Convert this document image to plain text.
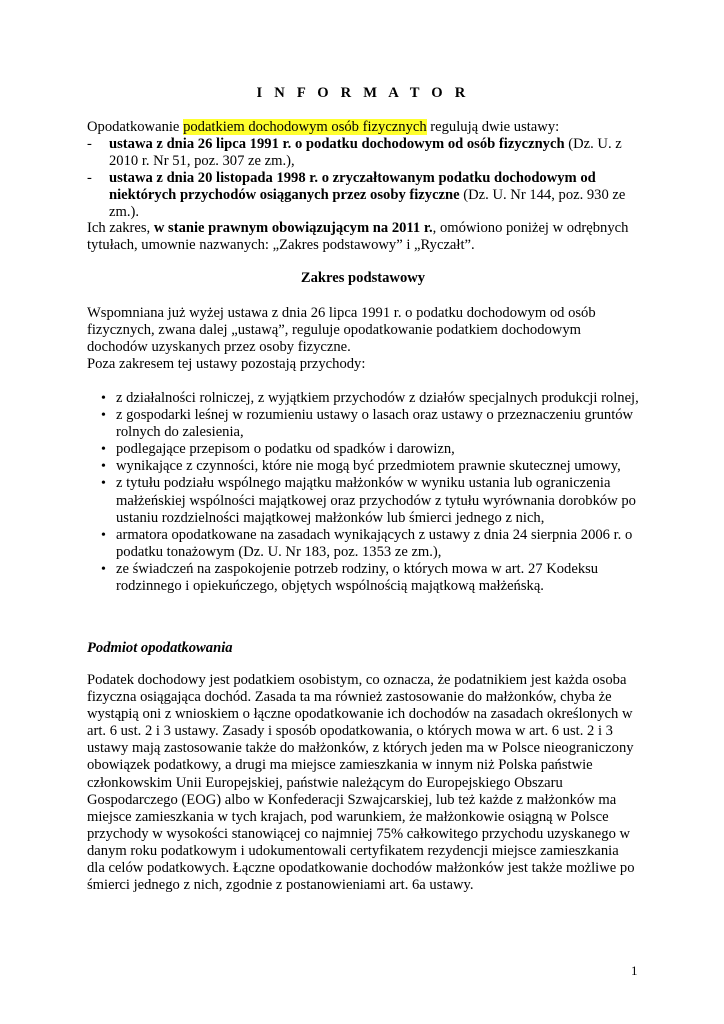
I N F O R M A T O R
Opodatkowanie podatkiem dochodowym osób fizycznych regulują dwie ustawy:
-	ustawa z dnia 26 lipca 1991 r. o podatku dochodowym od osób fizycznych (Dz. U. z 2010 r. Nr 51, poz. 307 ze zm.),
-	ustawa z dnia 20 listopada 1998 r. o zryczałtowanym podatku dochodowym od niektórych przychodów osiąganych przez osoby fizyczne (Dz. U. Nr 144, poz. 930 ze zm.).
Ich zakres, w stanie prawnym obowiązującym na 2011 r., omówiono poniżej w odrębnych tytułach, umownie nazwanych: „Zakres podstawowy” i „Ryczałt”.
Zakres podstawowy
Wspomniana już wyżej ustawa z dnia 26 lipca 1991 r. o podatku dochodowym od osób fizycznych, zwana dalej „ustawą”, reguluje opodatkowanie podatkiem dochodowym dochodów uzyskanych przez osoby fizyczne.
Poza zakresem tej ustawy pozostają przychody:
• z działalności rolniczej, z wyjątkiem przychodów z działów specjalnych produkcji rolnej,
• z gospodarki leśnej w rozumieniu ustawy o lasach oraz ustawy o przeznaczeniu gruntów rolnych do zalesienia,
• podlegające przepisom o podatku od spadków i darowizn,
• wynikające z czynności, które nie mogą być przedmiotem prawnie skutecznej umowy,
• z tytułu podziału wspólnego majątku małżonków w wyniku ustania lub ograniczenia małżeńskiej wspólności majątkowej oraz przychodów z tytułu wyrównania dorobków po ustaniu rozdzielności majątkowej małżonków lub śmierci jednego z nich,
• armatora opodatkowane na zasadach wynikających z ustawy z dnia 24 sierpnia 2006 r. o podatku tonażowym (Dz. U. Nr 183, poz. 1353 ze zm.),
• ze świadczeń na zaspokojenie potrzeb rodziny, o których mowa w art. 27 Kodeksu rodzinnego i opiekuńczego, objętych wspólnością majątkową małżeńską.
Podmiot opodatkowania
Podatek dochodowy jest podatkiem osobistym, co oznacza, że podatnikiem jest każda osoba fizyczna osiągająca dochód. Zasada ta ma również zastosowanie do małżonków, chyba że wystąpią oni z wnioskiem o łączne opodatkowanie ich dochodów na zasadach określonych w art. 6 ust. 2 i 3 ustawy. Zasady i sposób opodatkowania, o których mowa w art. 6 ust. 2 i 3 ustawy mają zastosowanie także do małżonków, z których jeden ma w Polsce nieograniczony obowiązek podatkowy, a drugi ma miejsce zamieszkania w innym niż Polska państwie członkowskim Unii Europejskiej, państwie należącym do Europejskiego Obszaru Gospodarczego (EOG) albo w Konfederacji Szwajcarskiej, lub też każde z małżonków ma miejsce zamieszkania w tych krajach, pod warunkiem, że małżonkowie osiągną w Polsce przychody w wysokości stanowiącej co najmniej 75% całkowitego przychodu uzyskanego w danym roku podatkowym i udokumentowali certyfikatem rezydencji miejsce zamieszkania dla celów podatkowych. Łączne opodatkowanie dochodów małżonków jest także możliwe po śmierci jednego z nich, zgodnie z postanowieniami art. 6a ustawy.
1
